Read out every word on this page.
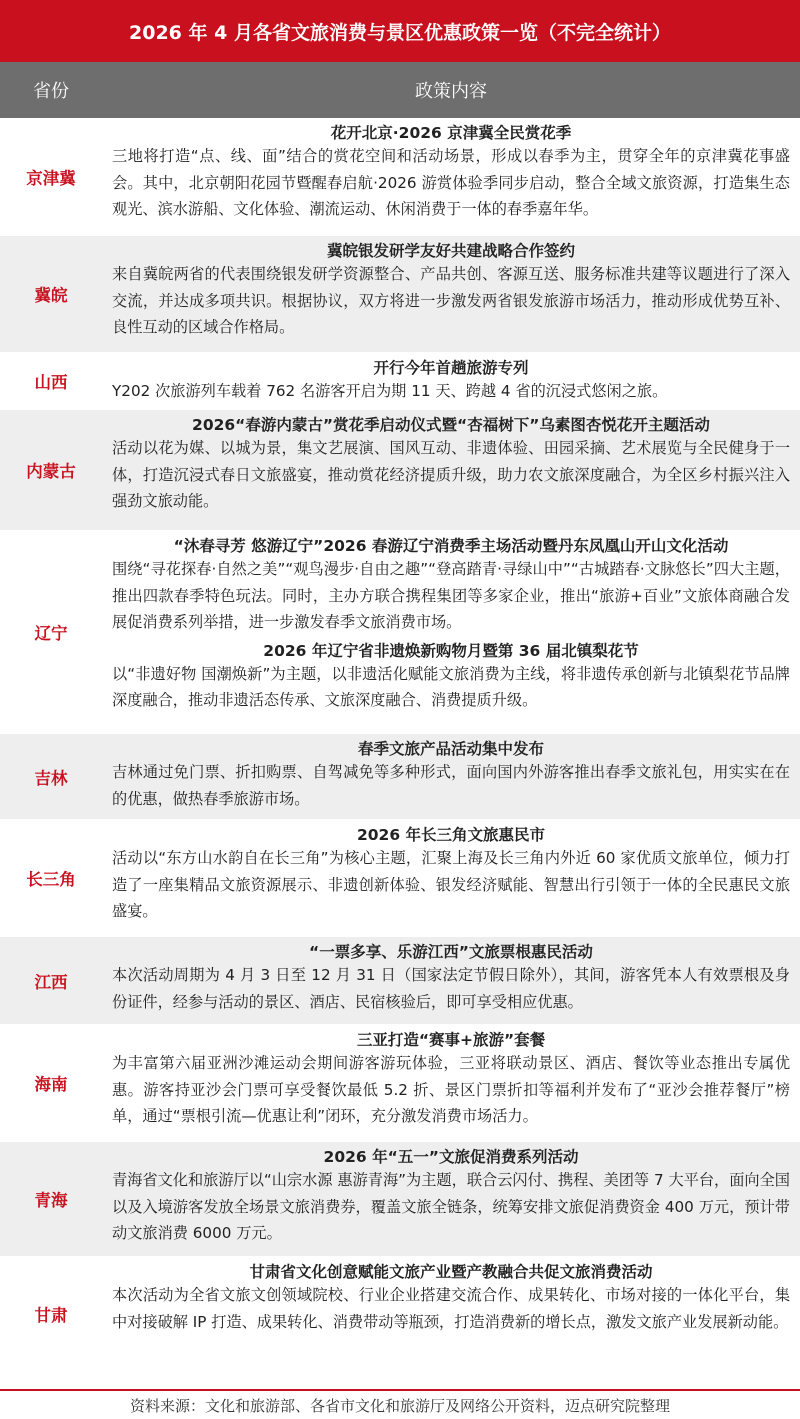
2026 年 4 月各省文旅消费与景区优惠政策一览（不完全统计）
省份	政策内容
京津冀
花开北京·2026 京津冀全民赏花季
三地将打造“点、线、面”结合的赏花空间和活动场景，形成以春季为主，贯穿全年的京津冀花事盛会。其中，北京朝阳花园节暨醒春启航·2026 游赏体验季同步启动，整合全域文旅资源，打造集生态观光、滨水游船、文化体验、潮流运动、休闲消费于一体的春季嘉年华。
冀皖
冀皖银发研学友好共建战略合作签约
来自冀皖两省的代表围绕银发研学资源整合、产品共创、客源互送、服务标准共建等议题进行了深入交流，并达成多项共识。根据协议，双方将进一步激发两省银发旅游市场活力，推动形成优势互补、良性互动的区域合作格局。
山西
开行今年首趟旅游专列
Y202 次旅游列车载着 762 名游客开启为期 11 天、跨越 4 省的沉浸式悠闲之旅。
内蒙古
2026“春游内蒙古”赏花季启动仪式暨“杏福树下”乌素图杏悦花开主题活动
活动以花为媒、以城为景，集文艺展演、国风互动、非遗体验、田园采摘、艺术展览与全民健身于一体，打造沉浸式春日文旅盛宴，推动赏花经济提质升级，助力农文旅深度融合，为全区乡村振兴注入强劲文旅动能。
辽宁
“沐春寻芳 悠游辽宁”2026 春游辽宁消费季主场活动暨丹东凤凰山开山文化活动
围绕“寻花探春·自然之美”“观鸟漫步·自由之趣”“登高踏青·寻绿山中”“古城踏春·文脉悠长”四大主题，推出四款春季特色玩法。同时，主办方联合携程集团等多家企业，推出“旅游+百业”文旅体商融合发展促消费系列举措，进一步激发春季文旅消费市场。
2026 年辽宁省非遗焕新购物月暨第 36 届北镇梨花节
以“非遗好物 国潮焕新”为主题，以非遗活化赋能文旅消费为主线，将非遗传承创新与北镇梨花节品牌深度融合，推动非遗活态传承、文旅深度融合、消费提质升级。
吉林
春季文旅产品活动集中发布
吉林通过免门票、折扣购票、自驾减免等多种形式，面向国内外游客推出春季文旅礼包，用实实在在的优惠，做热春季旅游市场。
长三角
2026 年长三角文旅惠民市
活动以“东方山水韵自在长三角”为核心主题，汇聚上海及长三角内外近 60 家优质文旅单位，倾力打造了一座集精品文旅资源展示、非遗创新体验、银发经济赋能、智慧出行引领于一体的全民惠民文旅盛宴。
江西
“一票多享、乐游江西”文旅票根惠民活动
本次活动周期为 4 月 3 日至 12 月 31 日（国家法定节假日除外），其间，游客凭本人有效票根及身份证件，经参与活动的景区、酒店、民宿核验后，即可享受相应优惠。
海南
三亚打造“赛事+旅游”套餐
为丰富第六届亚洲沙滩运动会期间游客游玩体验，三亚将联动景区、酒店、餐饮等业态推出专属优惠。游客持亚沙会门票可享受餐饮最低 5.2 折、景区门票折扣等福利并发布了“亚沙会推荐餐厅”榜单，通过“票根引流—优惠让利”闭环，充分激发消费市场活力。
青海
2026 年“五一”文旅促消费系列活动
青海省文化和旅游厅以“山宗水源 惠游青海”为主题，联合云闪付、携程、美团等 7 大平台，面向全国以及入境游客发放全场景文旅消费券，覆盖文旅全链条，统筹安排文旅促消费资金 400 万元，预计带动文旅消费 6000 万元。
甘肃
甘肃省文化创意赋能文旅产业暨产教融合共促文旅消费活动
本次活动为全省文旅文创领域院校、行业企业搭建交流合作、成果转化、市场对接的一体化平台，集中对接破解 IP 打造、成果转化、消费带动等瓶颈，打造消费新的增长点，激发文旅产业发展新动能。
资料来源：文化和旅游部、各省市文化和旅游厅及网络公开资料，迈点研究院整理
